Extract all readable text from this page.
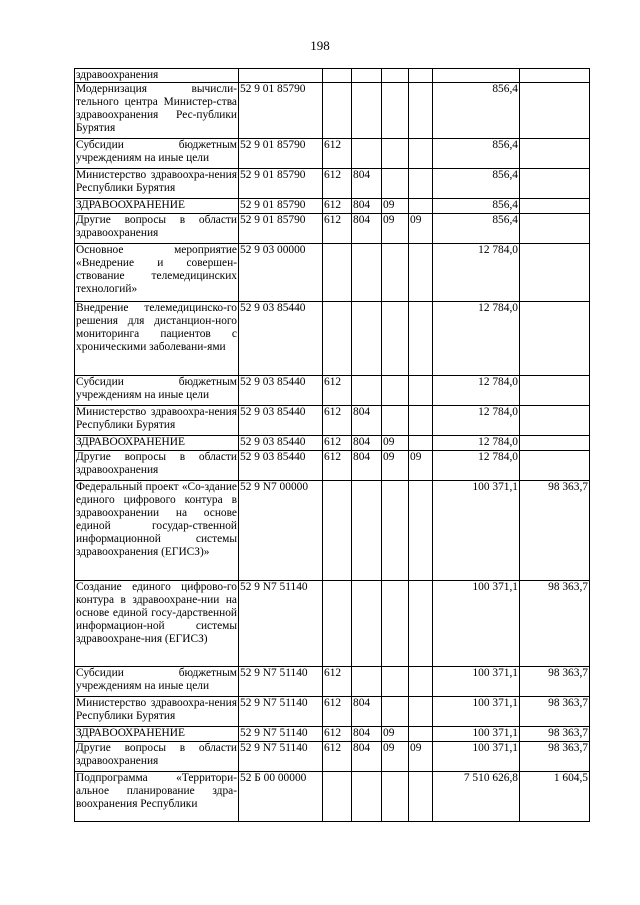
198
здравоохранения							
Модернизация вычисли-тельного центра Министер-ства здравоохранения Рес-публики Бурятия	52 9 01 85790					856,4	
Субсидии бюджетным учреждениям на иные цели	52 9 01 85790	612				856,4	
Министерство здравоохра-нения Республики Бурятия	52 9 01 85790	612	804			856,4	
ЗДРАВООХРАНЕНИЕ	52 9 01 85790	612	804	09		856,4	
Другие вопросы в области здравоохранения	52 9 01 85790	612	804	09	09	856,4	
Основное мероприятие «Внедрение и совершен-ствование телемедицинских технологий»	52 9 03 00000					12 784,0	
Внедрение телемедицинско-го решения для дистанцион-ного мониторинга пациентов с хроническими заболевани-ями	52 9 03 85440					12 784,0	
Субсидии бюджетным учреждениям на иные цели	52 9 03 85440	612				12 784,0	
Министерство здравоохра-нения Республики Бурятия	52 9 03 85440	612	804			12 784,0	
ЗДРАВООХРАНЕНИЕ	52 9 03 85440	612	804	09		12 784,0	
Другие вопросы в области здравоохранения	52 9 03 85440	612	804	09	09	12 784,0	
Федеральный проект «Со-здание единого цифрового контура в здравоохранении на основе единой государ-ственной информационной системы здравоохранения (ЕГИСЗ)»	52 9 N7 00000					100 371,1	98 363,7
Создание единого цифрово-го контура в здравоохране-нии на основе единой госу-дарственной информацион-ной системы здравоохране-ния (ЕГИСЗ)	52 9 N7 51140					100 371,1	98 363,7
Субсидии бюджетным учреждениям на иные цели	52 9 N7 51140	612				100 371,1	98 363,7
Министерство здравоохра-нения Республики Бурятия	52 9 N7 51140	612	804			100 371,1	98 363,7
ЗДРАВООХРАНЕНИЕ	52 9 N7 51140	612	804	09		100 371,1	98 363,7
Другие вопросы в области здравоохранения	52 9 N7 51140	612	804	09	09	100 371,1	98 363,7
Подпрограмма «Территори-альное планирование здра-воохранения Республики	52 Б 00 00000					7 510 626,8	1 604,5
